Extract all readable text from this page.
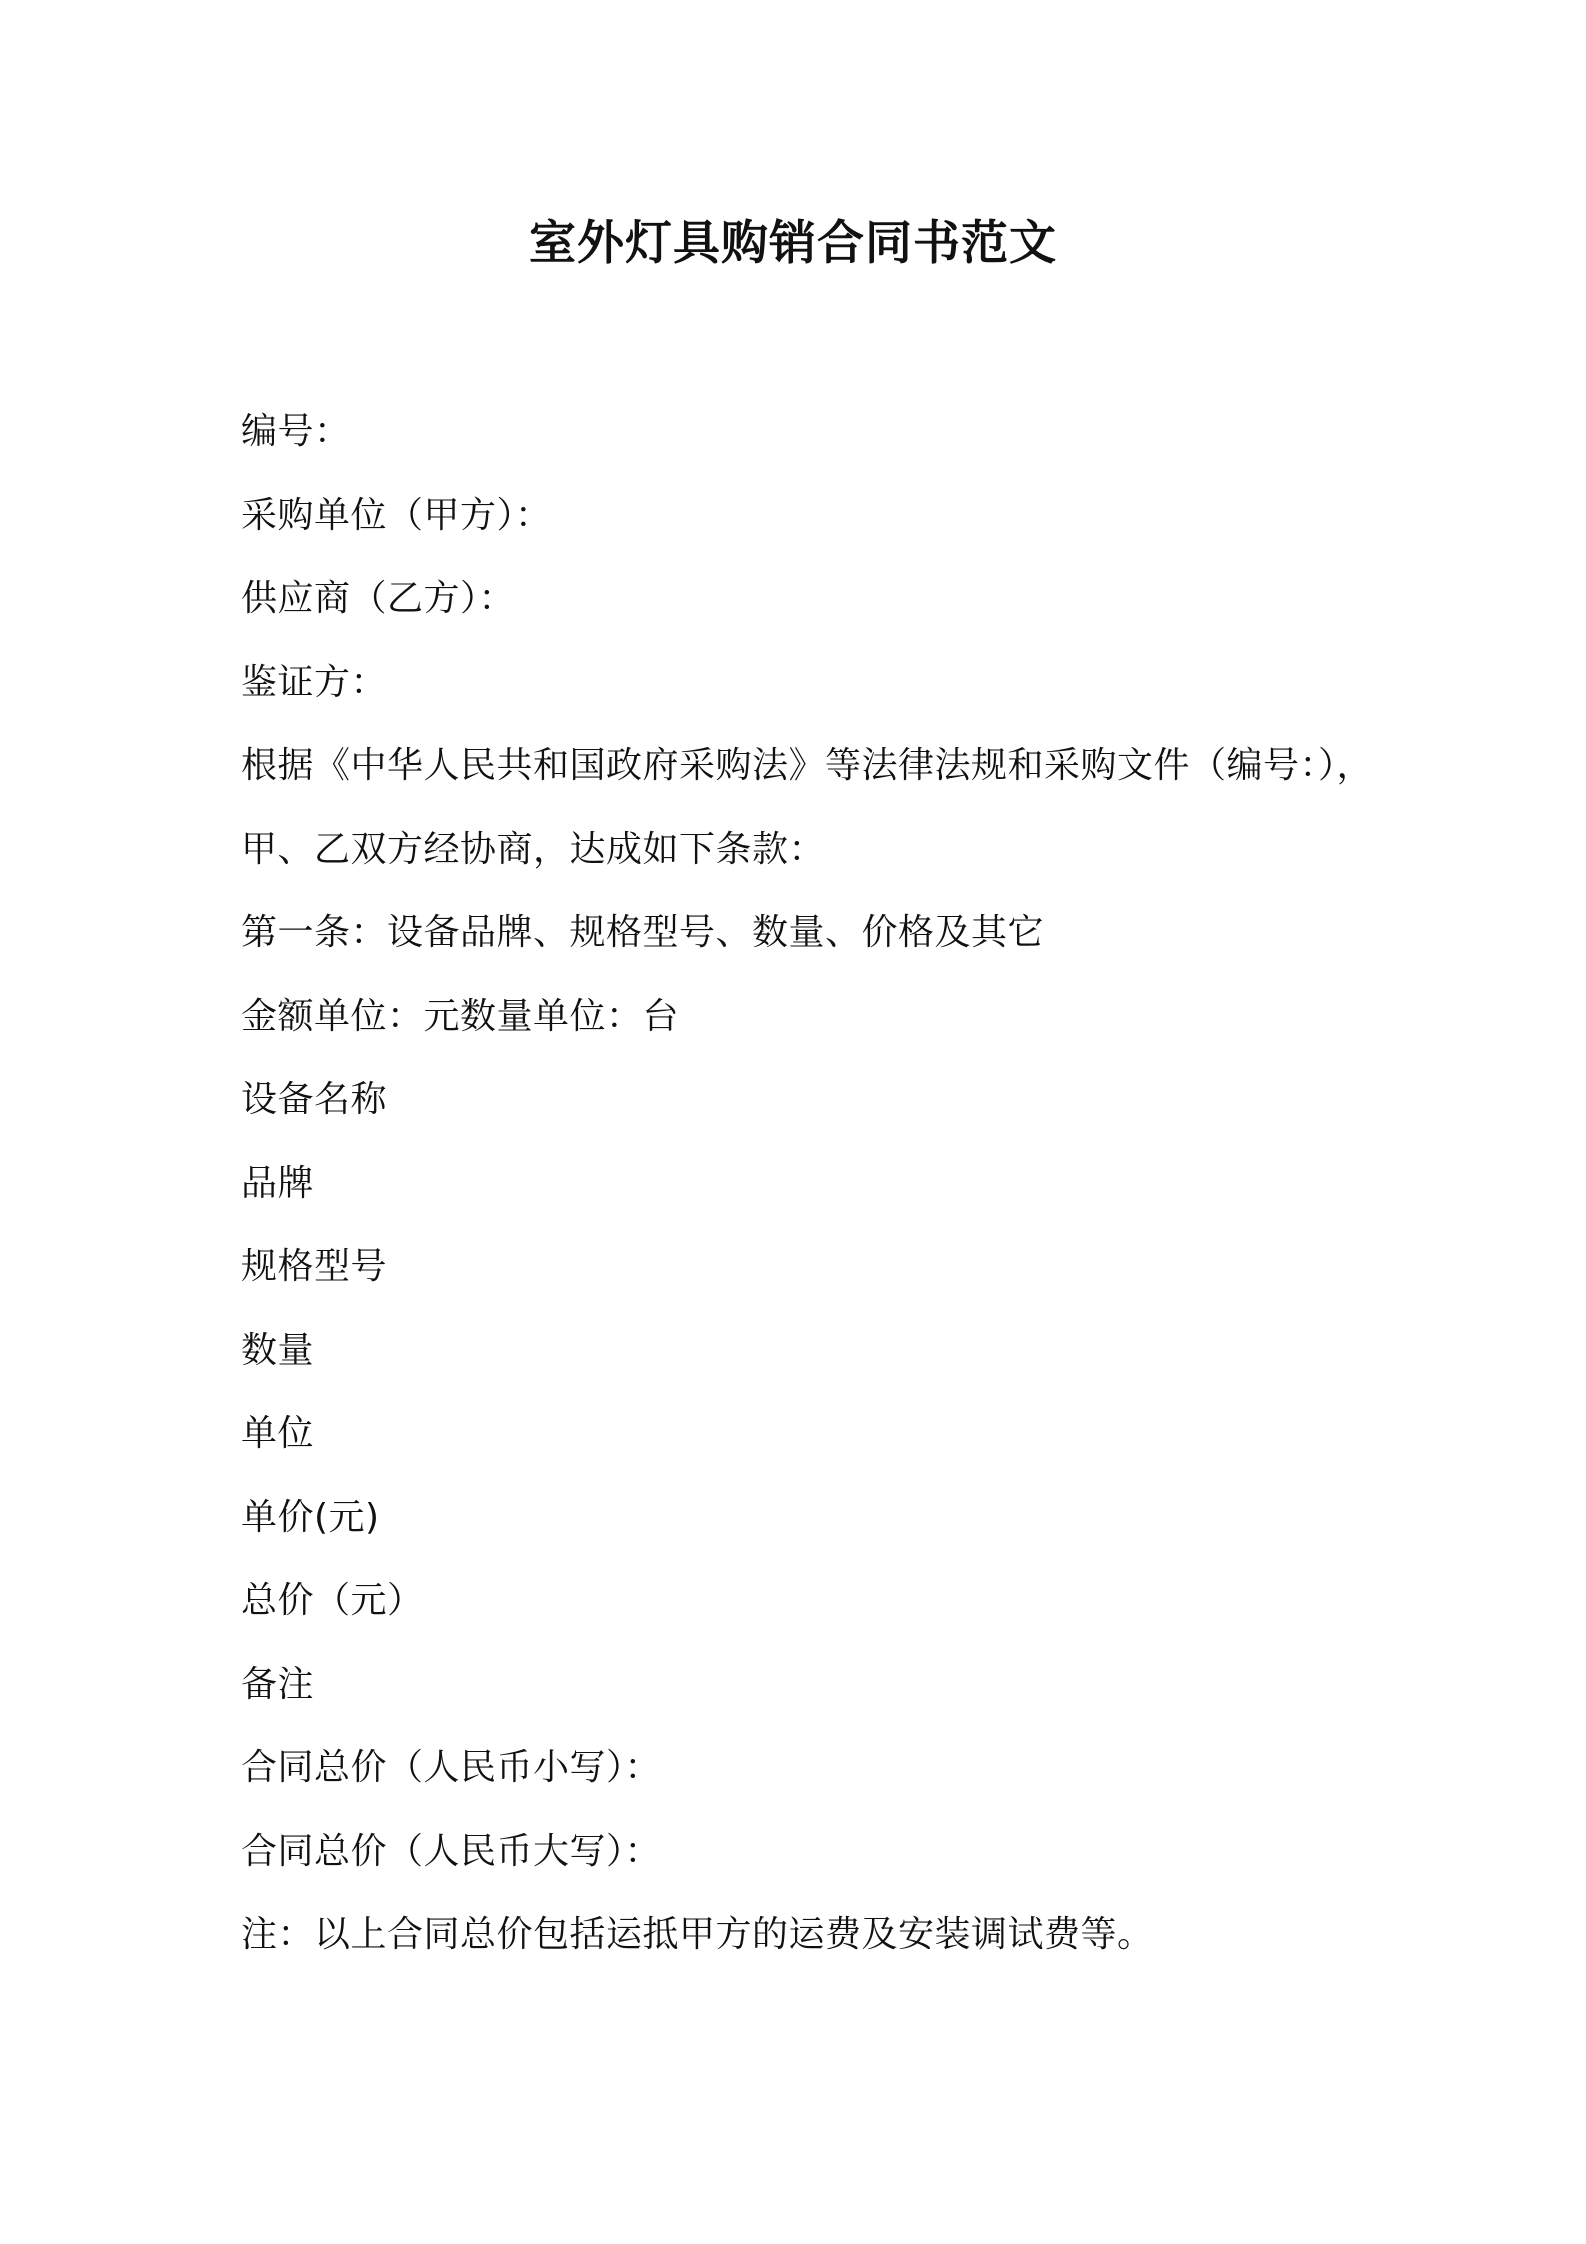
室外灯具购销合同书范文
编号：
采购单位（甲方）：
供应商（乙方）：
鉴证方：
根据《中华人民共和国政府采购法》等法律法规和采购文件（编号：），
甲、乙双方经协商，达成如下条款：
第一条：设备品牌、规格型号、数量、价格及其它
金额单位：元数量单位：台
设备名称
品牌
规格型号
数量
单位
单价(元)
总价（元）
备注
合同总价（人民币小写）：
合同总价（人民币大写）：
注：以上合同总价包括运抵甲方的运费及安装调试费等。
